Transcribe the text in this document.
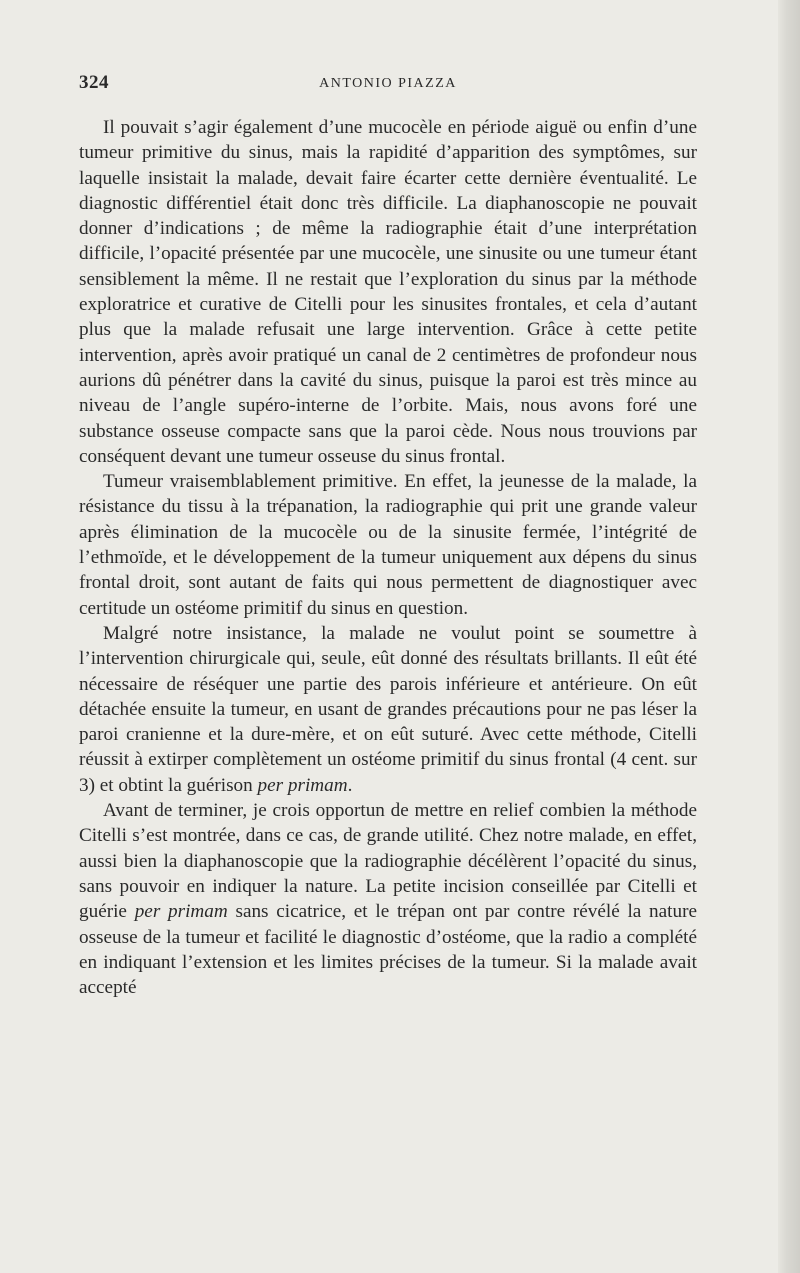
324	ANTONIO PIAZZA

Il pouvait s’agir également d’une mucocèle en période aiguë ou enfin d’une tumeur primitive du sinus, mais la rapidité d’apparition des symptômes, sur laquelle insistait la malade, devait faire écarter cette dernière éventualité. Le diagnostic différentiel était donc très difficile. La diaphanoscopie ne pouvait donner d’indications ; de même la radiographie était d’une interprétation difficile, l’opacité présentée par une mucocèle, une sinusite ou une tumeur étant sensiblement la même. Il ne restait que l’exploration du sinus par la méthode exploratrice et curative de Citelli pour les sinusites frontales, et cela d’autant plus que la malade refusait une large intervention. Grâce à cette petite intervention, après avoir pratiqué un canal de 2 centimètres de profondeur nous aurions dû pénétrer dans la cavité du sinus, puisque la paroi est très mince au niveau de l’angle supéro-interne de l’orbite. Mais, nous avons foré une substance osseuse compacte sans que la paroi cède. Nous nous trouvions par conséquent devant une tumeur osseuse du sinus frontal.

Tumeur vraisemblablement primitive. En effet, la jeunesse de la malade, la résistance du tissu à la trépanation, la radiographie qui prit une grande valeur après élimination de la mucocèle ou de la sinusite fermée, l’intégrité de l’ethmoïde, et le développement de la tumeur uniquement aux dépens du sinus frontal droit, sont autant de faits qui nous permettent de diagnostiquer avec certitude un ostéome primitif du sinus en question.

Malgré notre insistance, la malade ne voulut point se soumettre à l’intervention chirurgicale qui, seule, eût donné des résultats brillants. Il eût été nécessaire de réséquer une partie des parois inférieure et antérieure. On eût détachée ensuite la tumeur, en usant de grandes précautions pour ne pas léser la paroi cranienne et la dure-mère, et on eût suturé. Avec cette méthode, Citelli réussit à extirper complètement un ostéome primitif du sinus frontal (4 cent. sur 3) et obtint la guérison per primam.

Avant de terminer, je crois opportun de mettre en relief combien la méthode Citelli s’est montrée, dans ce cas, de grande utilité. Chez notre malade, en effet, aussi bien la diaphanoscopie que la radiographie décélèrent l’opacité du sinus, sans pouvoir en indiquer la nature. La petite incision conseillée par Citelli et guérie per primam sans cicatrice, et le trépan ont par contre révélé la nature osseuse de la tumeur et facilité le diagnostic d’ostéome, que la radio a complété en indiquant l’extension et les limites précises de la tumeur. Si la malade avait accepté
